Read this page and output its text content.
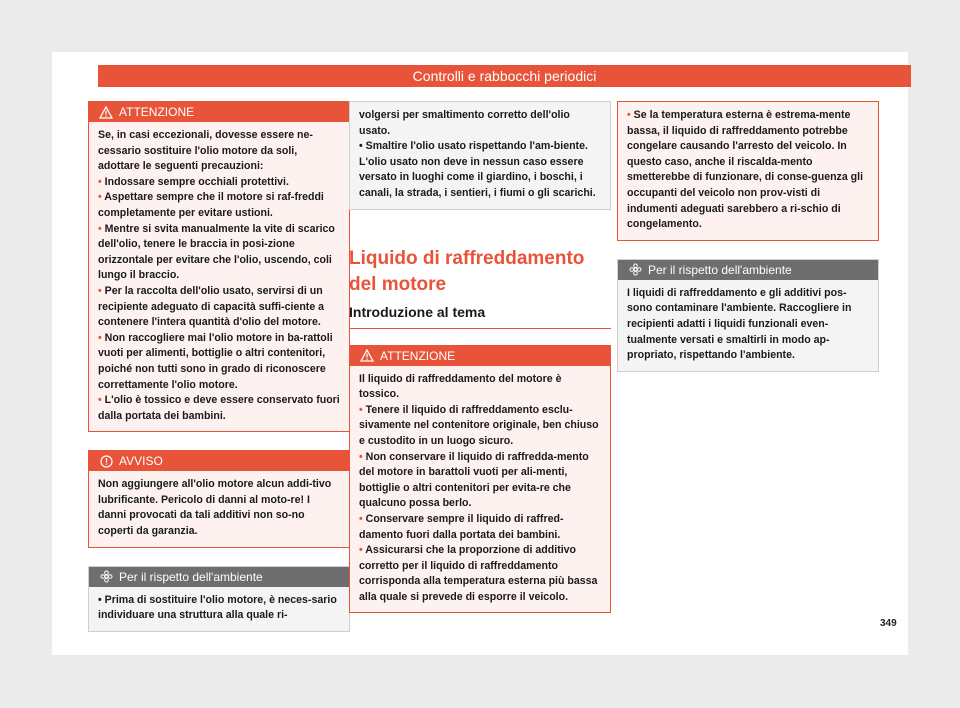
Controlli e rabbocchi periodici
ATTENZIONE

Se, in casi eccezionali, dovesse essere ne-cessario sostituire l'olio motore da soli, adottare le seguenti precauzioni:

• Indossare sempre occhiali protettivi.

• Aspettare sempre che il motore si raf-freddi completamente per evitare ustioni.

• Mentre si svita manualmente la vite di scarico dell'olio, tenere le braccia in posi-zione orizzontale per evitare che l'olio, uscendo, coli lungo il braccio.

• Per la raccolta dell'olio usato, servirsi di un recipiente adeguato di capacità suffi-ciente a contenere l'intera quantità d'olio del motore.

• Non raccogliere mai l'olio motore in ba-rattoli vuoti per alimenti, bottiglie o altri contenitori, poiché non tutti sono in grado di riconoscere correttamente l'olio motore.

• L'olio è tossico e deve essere conservato fuori dalla portata dei bambini.

AVVISO

Non aggiungere all'olio motore alcun addi-tivo lubrificante. Pericolo di danni al moto-re! I danni provocati da tali additivi non so-no coperti da garanzia.

Per il rispetto dell'ambiente

• Prima di sostituire l'olio motore, è neces-sario individuare una struttura alla quale ri-

volgersi per smaltimento corretto dell'olio usato.

• Smaltire l'olio usato rispettando l'am-biente. L'olio usato non deve in nessun caso essere versato in luoghi come il giardino, i boschi, i canali, la strada, i sentieri, i fiumi o gli scarichi.

Liquido di raffreddamento del motore
Introduzione al tema
ATTENZIONE

Il liquido di raffreddamento del motore è tossico.

• Tenere il liquido di raffreddamento esclu-sivamente nel contenitore originale, ben chiuso e custodito in un luogo sicuro.

• Non conservare il liquido di raffredda-mento del motore in barattoli vuoti per ali-menti, bottiglie o altri contenitori per evita-re che qualcuno possa berlo.

• Conservare sempre il liquido di raffred-damento fuori dalla portata dei bambini.

• Assicurarsi che la proporzione di additivo corretto per il liquido di raffreddamento corrisponda alla temperatura esterna più bassa alla quale si prevede di esporre il veicolo.

• Se la temperatura esterna è estrema-mente bassa, il liquido di raffreddamento potrebbe congelare causando l'arresto del veicolo. In questo caso, anche il riscalda-mento smetterebbe di funzionare, di conse-guenza gli occupanti del veicolo non prov-visti di indumenti adeguati sarebbero a ri-schio di congelamento.

Per il rispetto dell'ambiente

I liquidi di raffreddamento e gli additivi pos-sono contaminare l'ambiente. Raccogliere in recipienti adatti i liquidi funzionali even-tualmente versati e smaltirli in modo ap-propriato, rispettando l'ambiente.

349
